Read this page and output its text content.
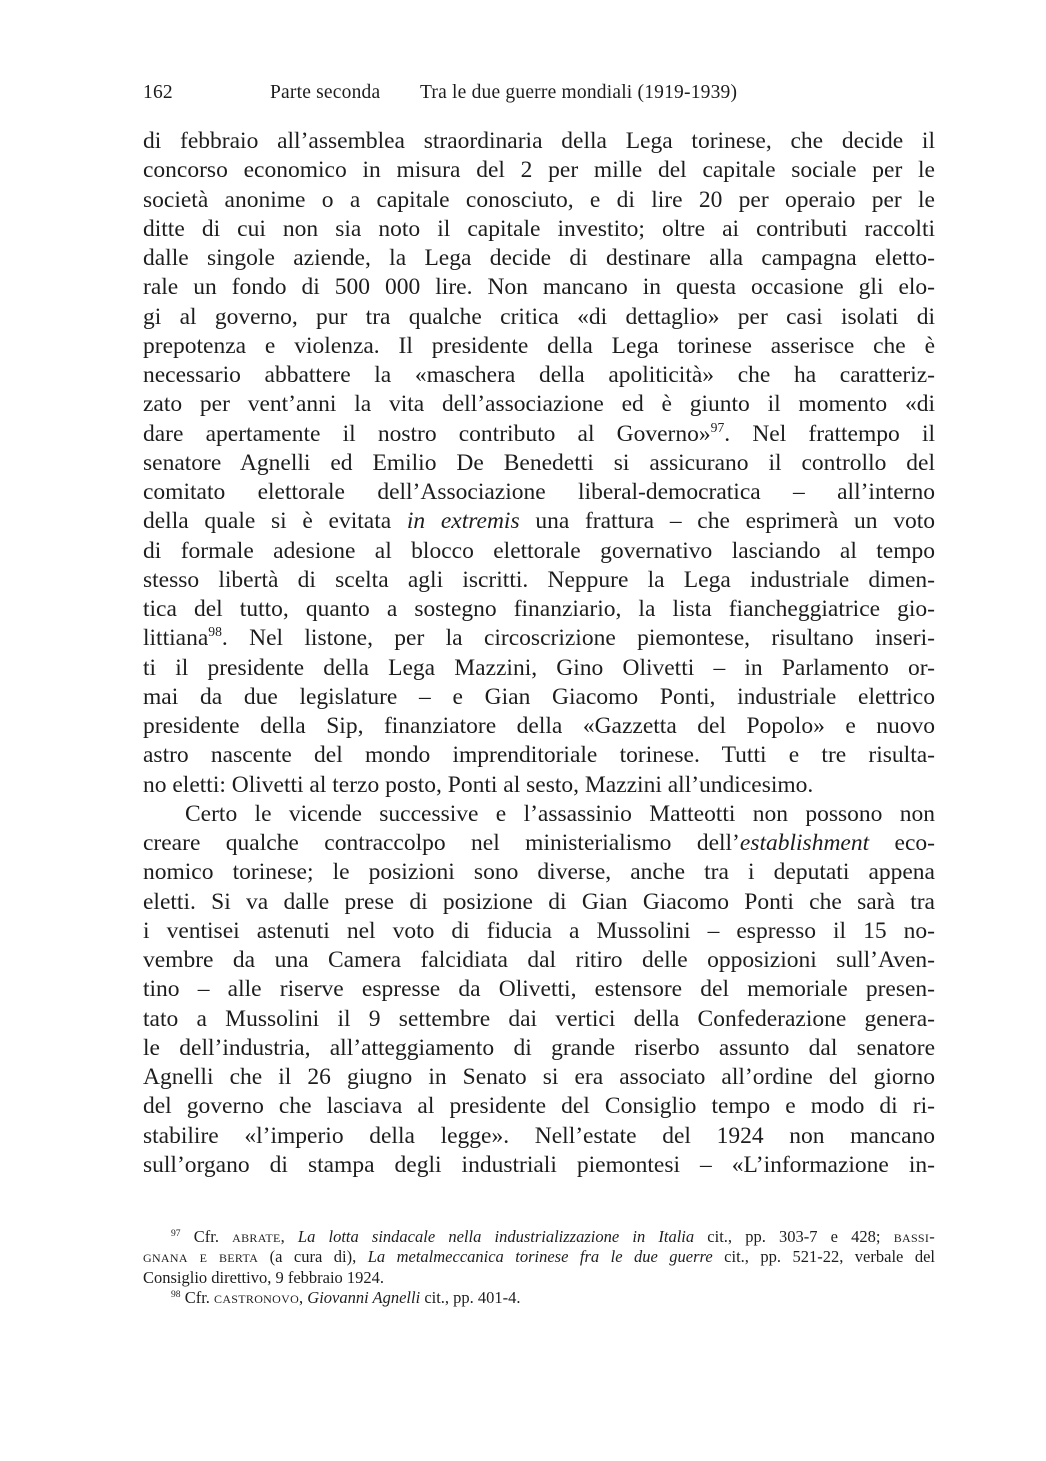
162	Parte seconda Tra le due guerre mondiali (1919-1939)
di febbraio all’assemblea straordinaria della Lega torinese, che decide il
concorso economico in misura del 2 per mille del capitale sociale per le
società anonime o a capitale conosciuto, e di lire 20 per operaio per le
ditte di cui non sia noto il capitale investito; oltre ai contributi raccolti
dalle singole aziende, la Lega decide di destinare alla campagna eletto-
rale un fondo di 500 000 lire. Non mancano in questa occasione gli elo-
gi al governo, pur tra qualche critica «di dettaglio» per casi isolati di
prepotenza e violenza. Il presidente della Lega torinese asserisce che è
necessario abbattere la «maschera della apoliticità» che ha caratteriz-
zato per vent’anni la vita dell’associazione ed è giunto il momento «di
dare apertamente il nostro contributo al Governo»$^{97}$. Nel frattempo il
senatore Agnelli ed Emilio De Benedetti si assicurano il controllo del
comitato elettorale dell’Associazione liberal-democratica – all’interno
della quale si è evitata in extremis una frattura – che esprimerà un voto
di formale adesione al blocco elettorale governativo lasciando al tempo
stesso libertà di scelta agli iscritti. Neppure la Lega industriale dimen-
tica del tutto, quanto a sostegno finanziario, la lista fiancheggiatrice gio-
littiana$^{98}$. Nel listone, per la circoscrizione piemontese, risultano inseri-
ti il presidente della Lega Mazzini, Gino Olivetti – in Parlamento or-
mai da due legislature – e Gian Giacomo Ponti, industriale elettrico
presidente della Sip, finanziatore della «Gazzetta del Popolo» e nuovo
astro nascente del mondo imprenditoriale torinese. Tutti e tre risulta-
no eletti: Olivetti al terzo posto, Ponti al sesto, Mazzini all’undicesimo.
Certo le vicende successive e l’assassinio Matteotti non possono non
creare qualche contraccolpo nel ministerialismo dell’establishment eco-
nomico torinese; le posizioni sono diverse, anche tra i deputati appena
eletti. Si va dalle prese di posizione di Gian Giacomo Ponti che sarà tra
i ventisei astenuti nel voto di fiducia a Mussolini – espresso il 15 no-
vembre da una Camera falcidiata dal ritiro delle opposizioni sull’Aven-
tino – alle riserve espresse da Olivetti, estensore del memoriale presen-
tato a Mussolini il 9 settembre dai vertici della Confederazione genera-
le dell’industria, all’atteggiamento di grande riserbo assunto dal senatore
Agnelli che il 26 giugno in Senato si era associato all’ordine del giorno
del governo che lasciava al presidente del Consiglio tempo e modo di ri-
stabilire «l’imperio della legge». Nell’estate del 1924 non mancano
sull’organo di stampa degli industriali piemontesi – «L’informazione in-
$^{97}$ Cfr. abrate, La lotta sindacale nella industrializzazione in Italia cit., pp. 303-7 e 428; bassi-
gnana e berta (a cura di), La metalmeccanica torinese fra le due guerre cit., pp. 521-22, verbale del
Consiglio direttivo, 9 febbraio 1924.
$^{98}$ Cfr. castronovo, Giovanni Agnelli cit., pp. 401-4.
